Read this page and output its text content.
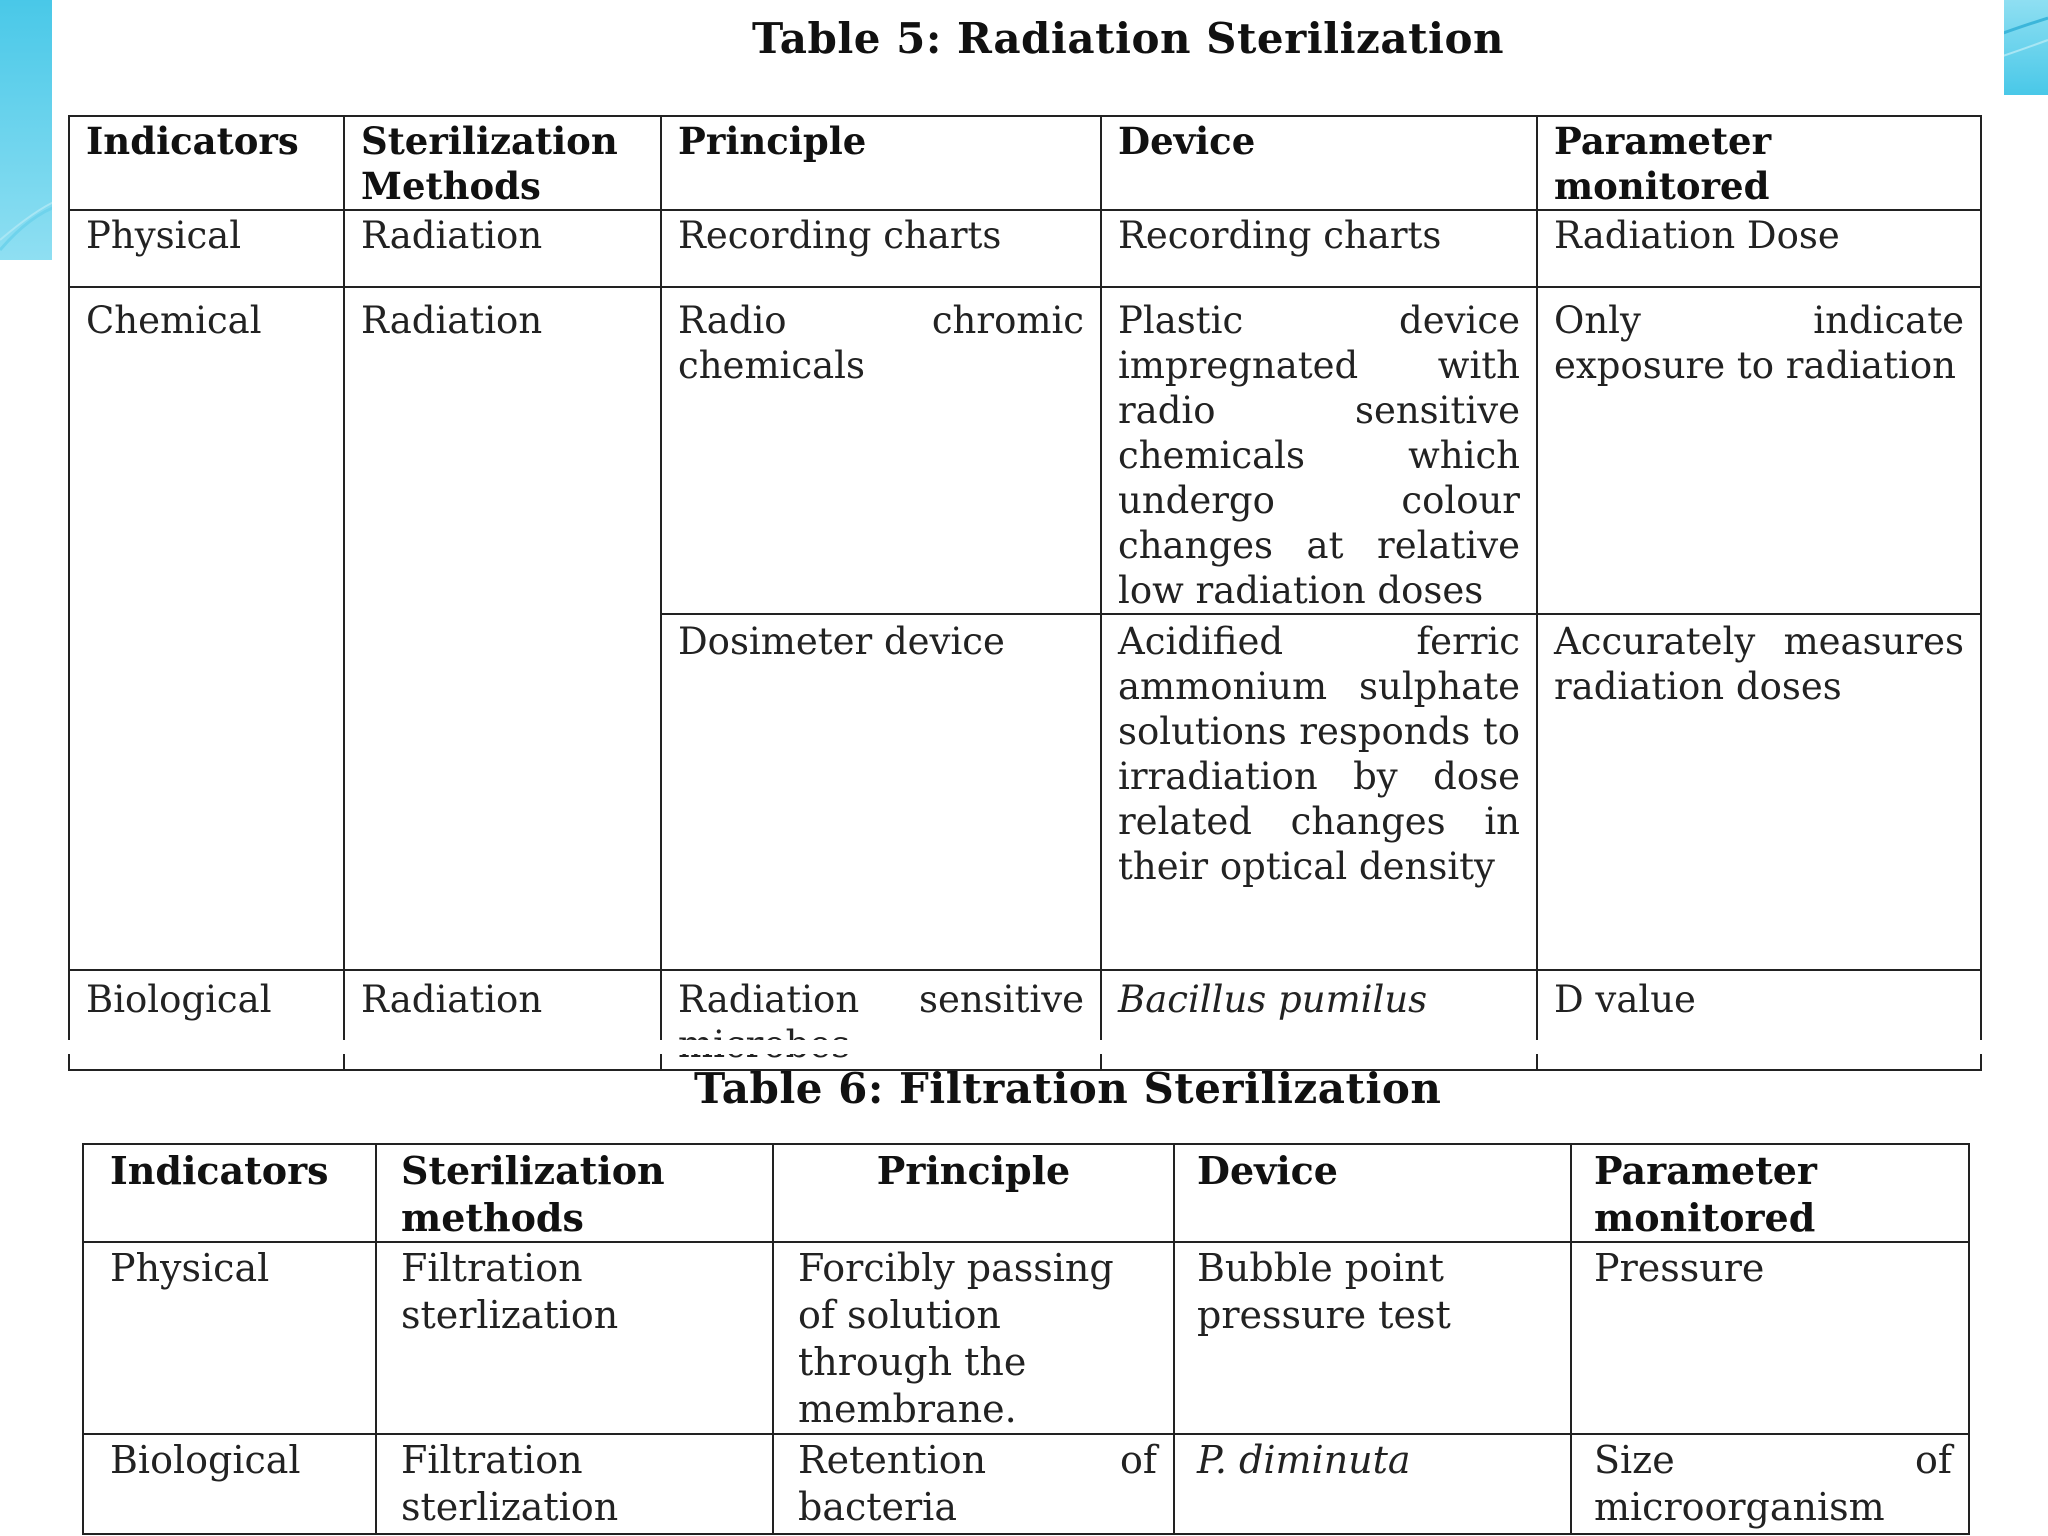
Table 5: Radiation Sterilization
Indicators	Sterilization Methods	Principle	Device	Parameter monitored
Physical	Radiation	Recording charts	Recording charts	Radiation Dose
Chemical	Radiation	Radio chromic chemicals	Plastic device impregnated with radio sensitive chemicals which undergo colour changes at relative low radiation doses	Only indicate exposure to radiation
		Dosimeter device	Acidified ferric ammonium sulphate solutions responds to irradiation by dose related changes in their optical density	Accurately measures radiation doses
Biological	Radiation	Radiation sensitive	Bacillus pumilus	D value
Table 6: Filtration Sterilization
Indicators	Sterilization methods	Principle	Device	Parameter monitored
Physical	Filtration sterlization	Forcibly passing of solution through the membrane.	Bubble point pressure test	Pressure
Biological	Filtration sterlization	Retention of bacteria	P. diminuta	Size of microorganism
